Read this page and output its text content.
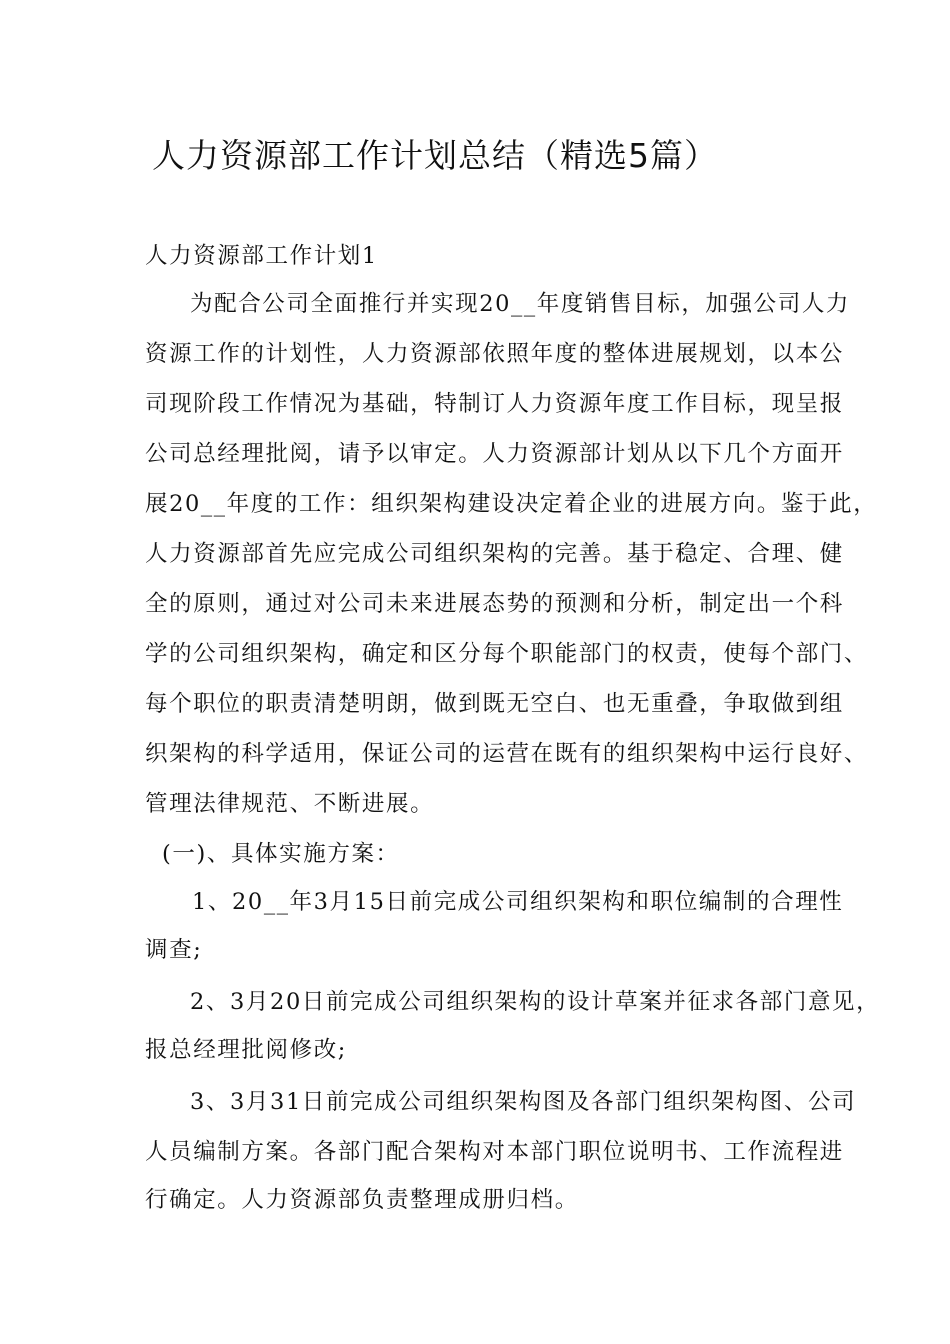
人力资源部工作计划总结（精选5篇）
人力资源部工作计划1
为配合公司全面推行并实现20__年度销售目标，加强公司人力
资源工作的计划性，人力资源部依照年度的整体进展规划，以本公
司现阶段工作情况为基础，特制订人力资源年度工作目标，现呈报
公司总经理批阅，请予以审定。人力资源部计划从以下几个方面开
展20__年度的工作：组织架构建设决定着企业的进展方向。鉴于此，
人力资源部首先应完成公司组织架构的完善。基于稳定、合理、健
全的原则，通过对公司未来进展态势的预测和分析，制定出一个科
学的公司组织架构，确定和区分每个职能部门的权责，使每个部门、
每个职位的职责清楚明朗，做到既无空白、也无重叠，争取做到组
织架构的科学适用，保证公司的运营在既有的组织架构中运行良好、
管理法律规范、不断进展。
(一)、具体实施方案：
1、20__年3月15日前完成公司组织架构和职位编制的合理性
调查;
2、3月20日前完成公司组织架构的设计草案并征求各部门意见，
报总经理批阅修改;
3、3月31日前完成公司组织架构图及各部门组织架构图、公司
人员编制方案。各部门配合架构对本部门职位说明书、工作流程进
行确定。人力资源部负责整理成册归档。
